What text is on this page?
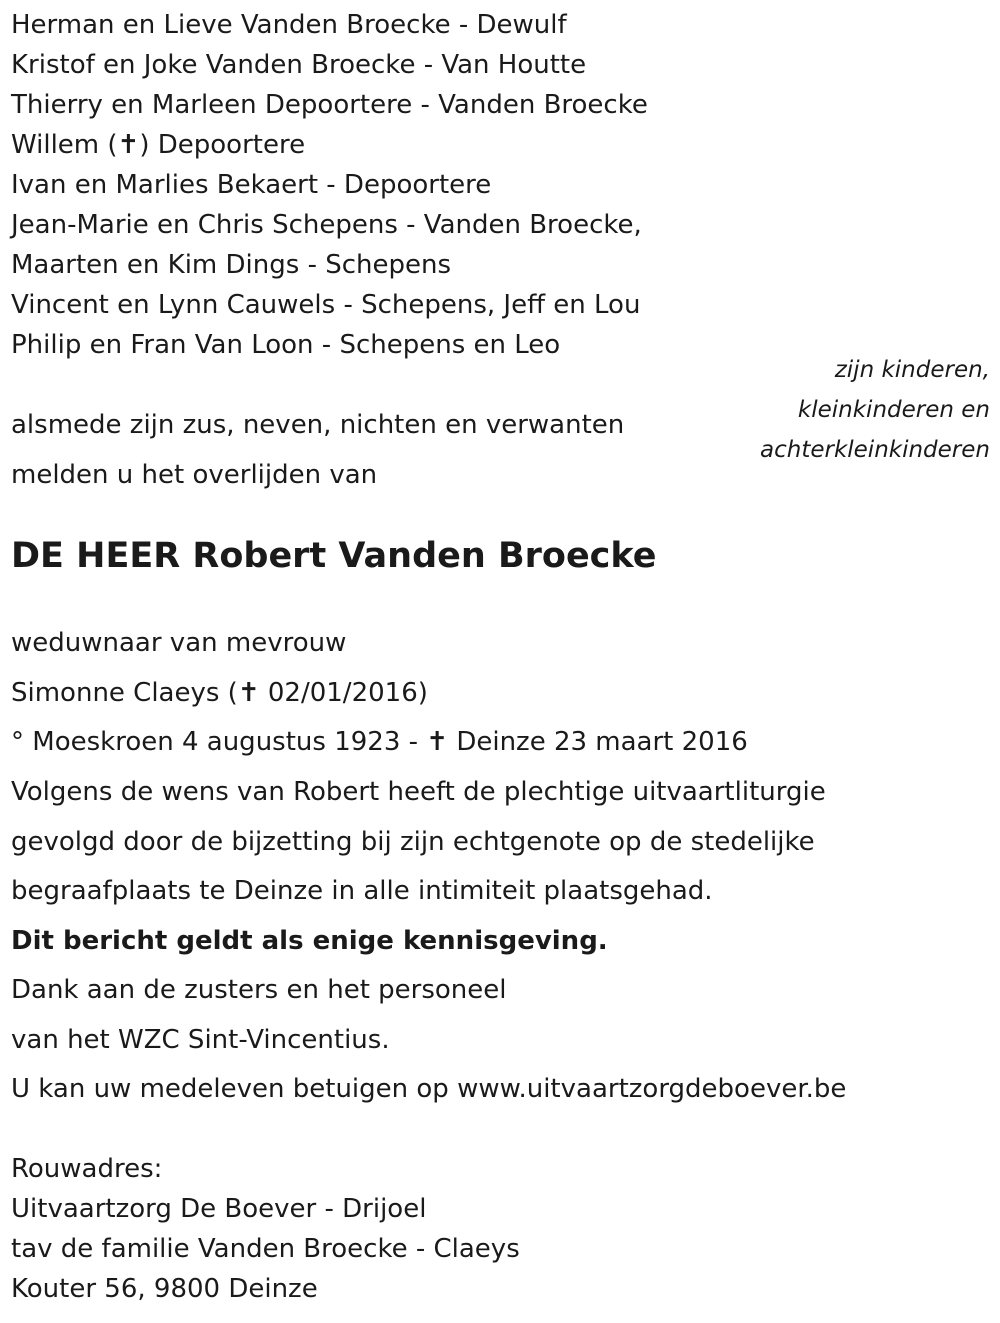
Herman en Lieve Vanden Broecke - Dewulf

Kristof en Joke Vanden Broecke - Van Houtte

Thierry en Marleen Depoortere - Vanden Broecke

Willem (✝) Depoortere

Ivan en Marlies Bekaert - Depoortere

Jean-Marie en Chris Schepens - Vanden Broecke,

Maarten en Kim Dings - Schepens

Vincent en Lynn Cauwels - Schepens, Jeff en Lou

Philip en Fran Van Loon - Schepens en Leo

zijn kinderen,
kleinkinderen en
achterkleinkinderen

alsmede zijn zus, neven, nichten en verwanten

melden u het overlijden van

DE HEER Robert Vanden Broecke

weduwnaar van mevrouw

Simonne Claeys (✝ 02/01/2016)

° Moeskroen 4 augustus 1923 - ✝ Deinze 23 maart 2016

Volgens de wens van Robert heeft de plechtige uitvaartliturgie

gevolgd door de bijzetting bij zijn echtgenote op de stedelijke

begraafplaats te Deinze in alle intimiteit plaatsgehad.

Dit bericht geldt als enige kennisgeving.

Dank aan de zusters en het personeel

van het WZC Sint-Vincentius.

U kan uw medeleven betuigen op www.uitvaartzorgdeboever.be

Rouwadres:

Uitvaartzorg De Boever - Drijoel

tav de familie Vanden Broecke - Claeys

Kouter 56, 9800 Deinze
